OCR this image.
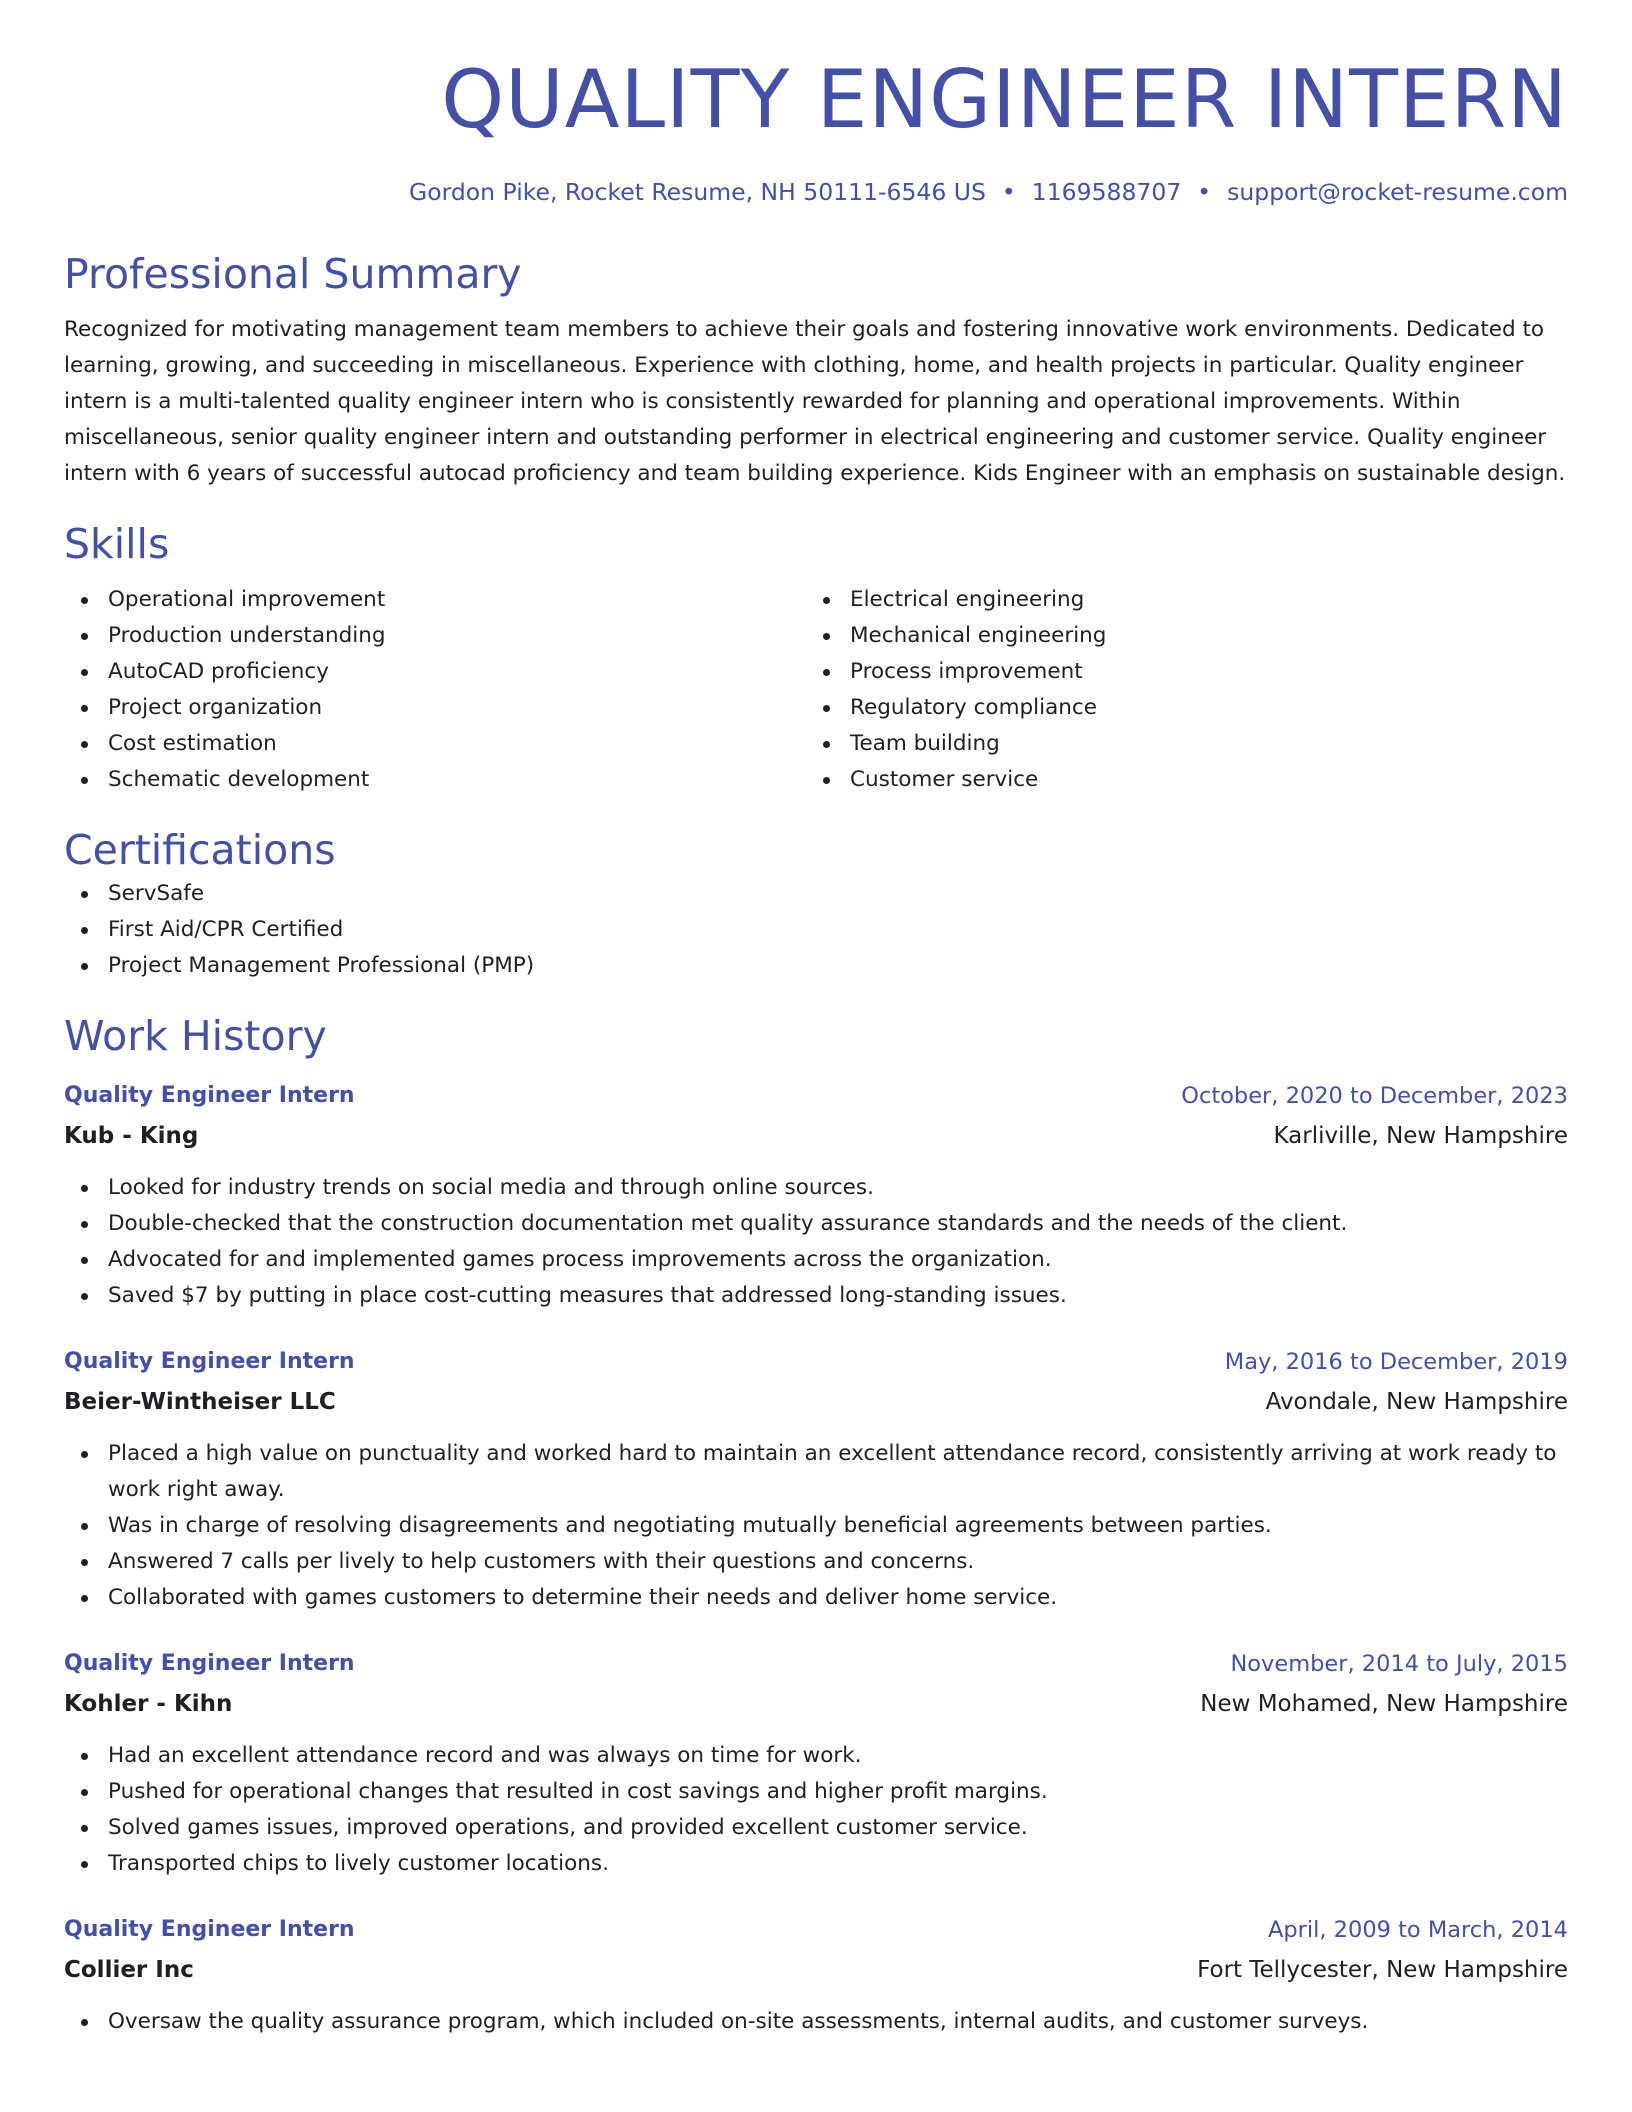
QUALITY ENGINEER INTERN
Gordon Pike, Rocket Resume, NH 50111-6546 US • 1169588707 • support@rocket-resume.com
Professional Summary

Recognized for motivating management team members to achieve their goals and fostering innovative work environments. Dedicated to learning, growing, and succeeding in miscellaneous. Experience with clothing, home, and health projects in particular. Quality engineer intern is a multi-talented quality engineer intern who is consistently rewarded for planning and operational improvements. Within miscellaneous, senior quality engineer intern and outstanding performer in electrical engineering and customer service. Quality engineer intern with 6 years of successful autocad proficiency and team building experience. Kids Engineer with an emphasis on sustainable design.

Skills
Operational improvement
Production understanding
AutoCAD proficiency
Project organization
Cost estimation
Schematic development
Electrical engineering
Mechanical engineering
Process improvement
Regulatory compliance
Team building
Customer service
Certifications
ServSafe
First Aid/CPR Certified
Project Management Professional (PMP)
Work History
Quality Engineer Intern	October, 2020 to December, 2023
Kub - King	Karliville, New Hampshire
Looked for industry trends on social media and through online sources.
Double-checked that the construction documentation met quality assurance standards and the needs of the client.
Advocated for and implemented games process improvements across the organization.
Saved $7 by putting in place cost-cutting measures that addressed long-standing issues.
Quality Engineer Intern	May, 2016 to December, 2019
Beier-Wintheiser LLC	Avondale, New Hampshire
Placed a high value on punctuality and worked hard to maintain an excellent attendance record, consistently arriving at work ready to work right away.
Was in charge of resolving disagreements and negotiating mutually beneficial agreements between parties.
Answered 7 calls per lively to help customers with their questions and concerns.
Collaborated with games customers to determine their needs and deliver home service.
Quality Engineer Intern	November, 2014 to July, 2015
Kohler - Kihn	New Mohamed, New Hampshire
Had an excellent attendance record and was always on time for work.
Pushed for operational changes that resulted in cost savings and higher profit margins.
Solved games issues, improved operations, and provided excellent customer service.
Transported chips to lively customer locations.
Quality Engineer Intern	April, 2009 to March, 2014
Collier Inc	Fort Tellycester, New Hampshire
Oversaw the quality assurance program, which included on-site assessments, internal audits, and customer surveys.
